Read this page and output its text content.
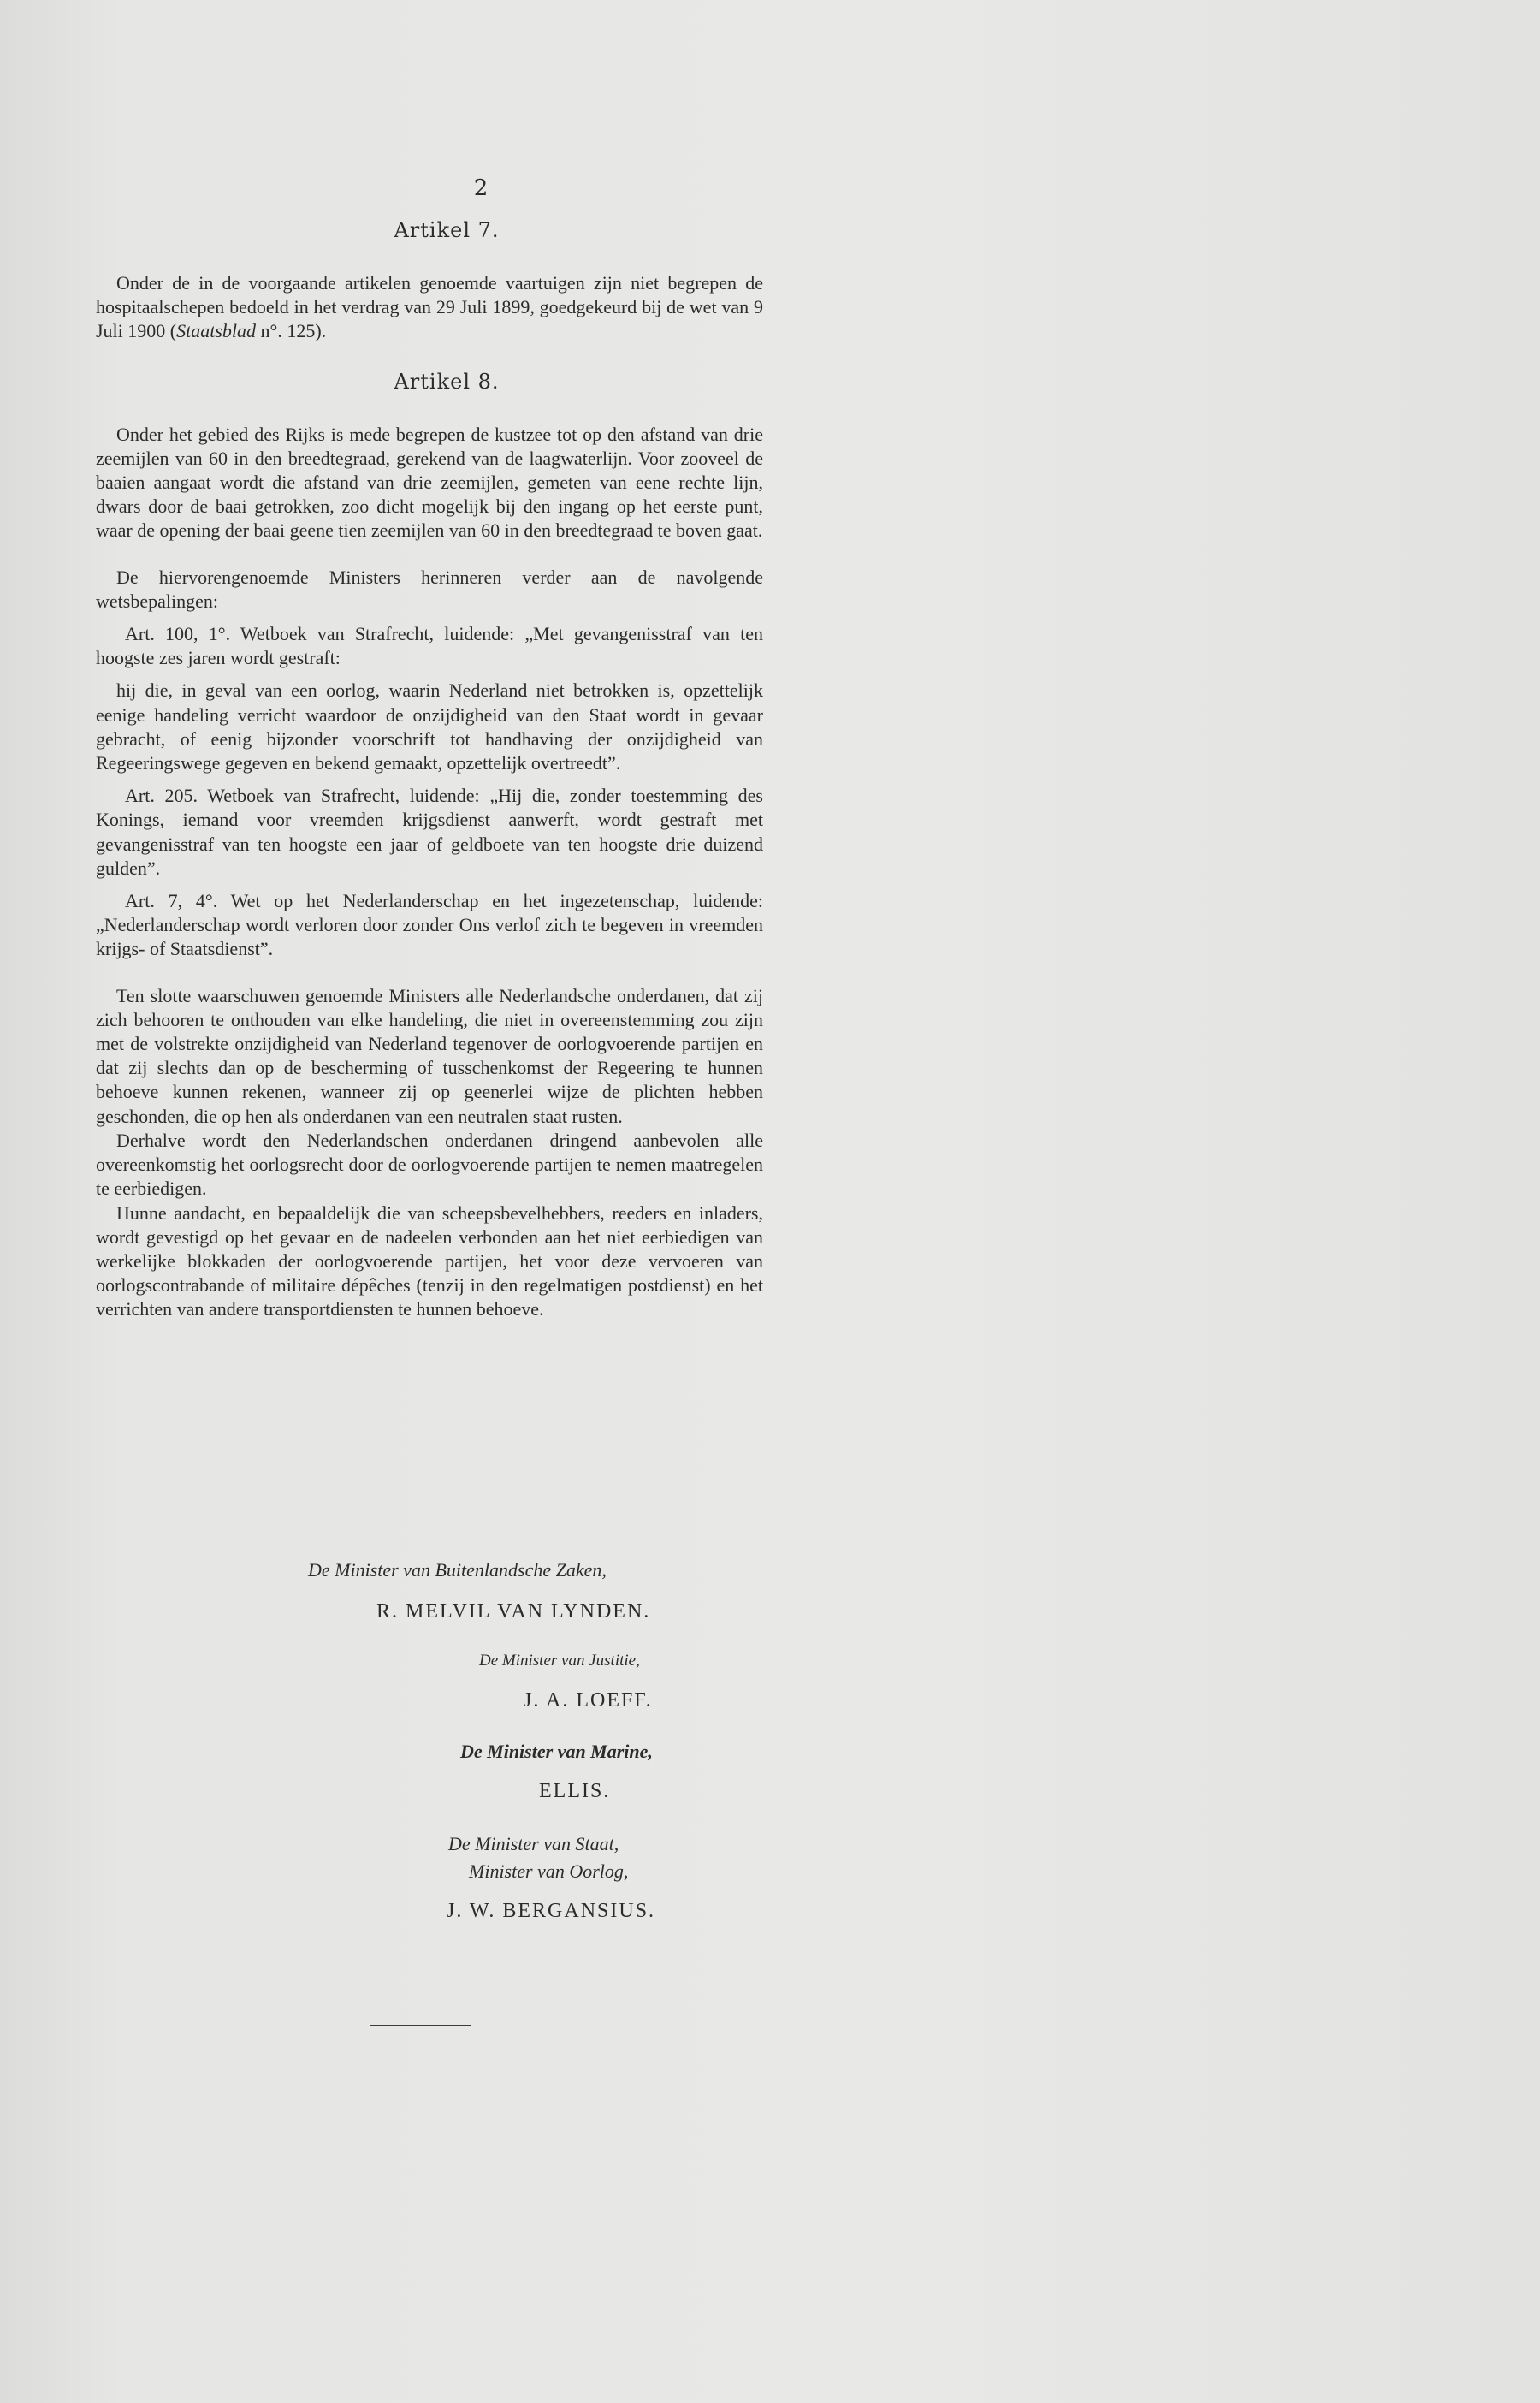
2
Artikel 7.

Onder de in de voorgaande artikelen genoemde vaartuigen zijn niet begrepen de hospitaalschepen bedoeld in het verdrag van 29 Juli 1899, goedgekeurd bij de wet van 9 Juli 1900 (Staatsblad n°. 125).

Artikel 8.

Onder het gebied des Rijks is mede begrepen de kustzee tot op den afstand van drie zeemijlen van 60 in den breedtegraad, gerekend van de laagwaterlijn. Voor zooveel de baaien aangaat wordt die afstand van drie zeemijlen, gemeten van eene rechte lijn, dwars door de baai getrokken, zoo dicht mogelijk bij den ingang op het eerste punt, waar de opening der baai geene tien zeemijlen van 60 in den breedtegraad te boven gaat.

De hiervorengenoemde Ministers herinneren verder aan de navolgende wetsbepalingen:

Art. 100, 1°. Wetboek van Strafrecht, luidende: „Met gevangenisstraf van ten hoogste zes jaren wordt gestraft:

hij die, in geval van een oorlog, waarin Nederland niet betrokken is, opzettelijk eenige handeling verricht waardoor de onzijdigheid van den Staat wordt in gevaar gebracht, of eenig bijzonder voorschrift tot handhaving der onzijdigheid van Regeeringswege gegeven en bekend gemaakt, opzettelijk overtreedt”.

Art. 205. Wetboek van Strafrecht, luidende: „Hij die, zonder toestemming des Konings, iemand voor vreemden krijgsdienst aanwerft, wordt gestraft met gevangenisstraf van ten hoogste een jaar of geldboete van ten hoogste drie duizend gulden”.

Art. 7, 4°. Wet op het Nederlanderschap en het ingezetenschap, luidende: „Nederlanderschap wordt verloren door zonder Ons verlof zich te begeven in vreemden krijgs- of Staatsdienst”.

Ten slotte waarschuwen genoemde Ministers alle Nederlandsche onderdanen, dat zij zich behooren te onthouden van elke handeling, die niet in overeenstemming zou zijn met de volstrekte onzijdigheid van Nederland tegenover de oorlogvoerende partijen en dat zij slechts dan op de bescherming of tusschenkomst der Regeering te hunnen behoeve kunnen rekenen, wanneer zij op geenerlei wijze de plichten hebben geschonden, die op hen als onderdanen van een neutralen staat rusten.

Derhalve wordt den Nederlandschen onderdanen dringend aanbevolen alle overeenkomstig het oorlogsrecht door de oorlogvoerende partijen te nemen maatregelen te eerbiedigen.

Hunne aandacht, en bepaaldelijk die van scheepsbevelhebbers, reeders en inladers, wordt gevestigd op het gevaar en de nadeelen verbonden aan het niet eerbiedigen van werkelijke blokkaden der oorlogvoerende partijen, het voor deze vervoeren van oorlogscontrabande of militaire dépêches (tenzij in den regelmatigen postdienst) en het verrichten van andere transportdiensten te hunnen behoeve.

De Minister van Buitenlandsche Zaken,
R. MELVIL VAN LYNDEN.
De Minister van Justitie,
J. A. LOEFF.
De Minister van Marine,
ELLIS.
De Minister van Staat,
Minister van Oorlog,
J. W. BERGANSIUS.
